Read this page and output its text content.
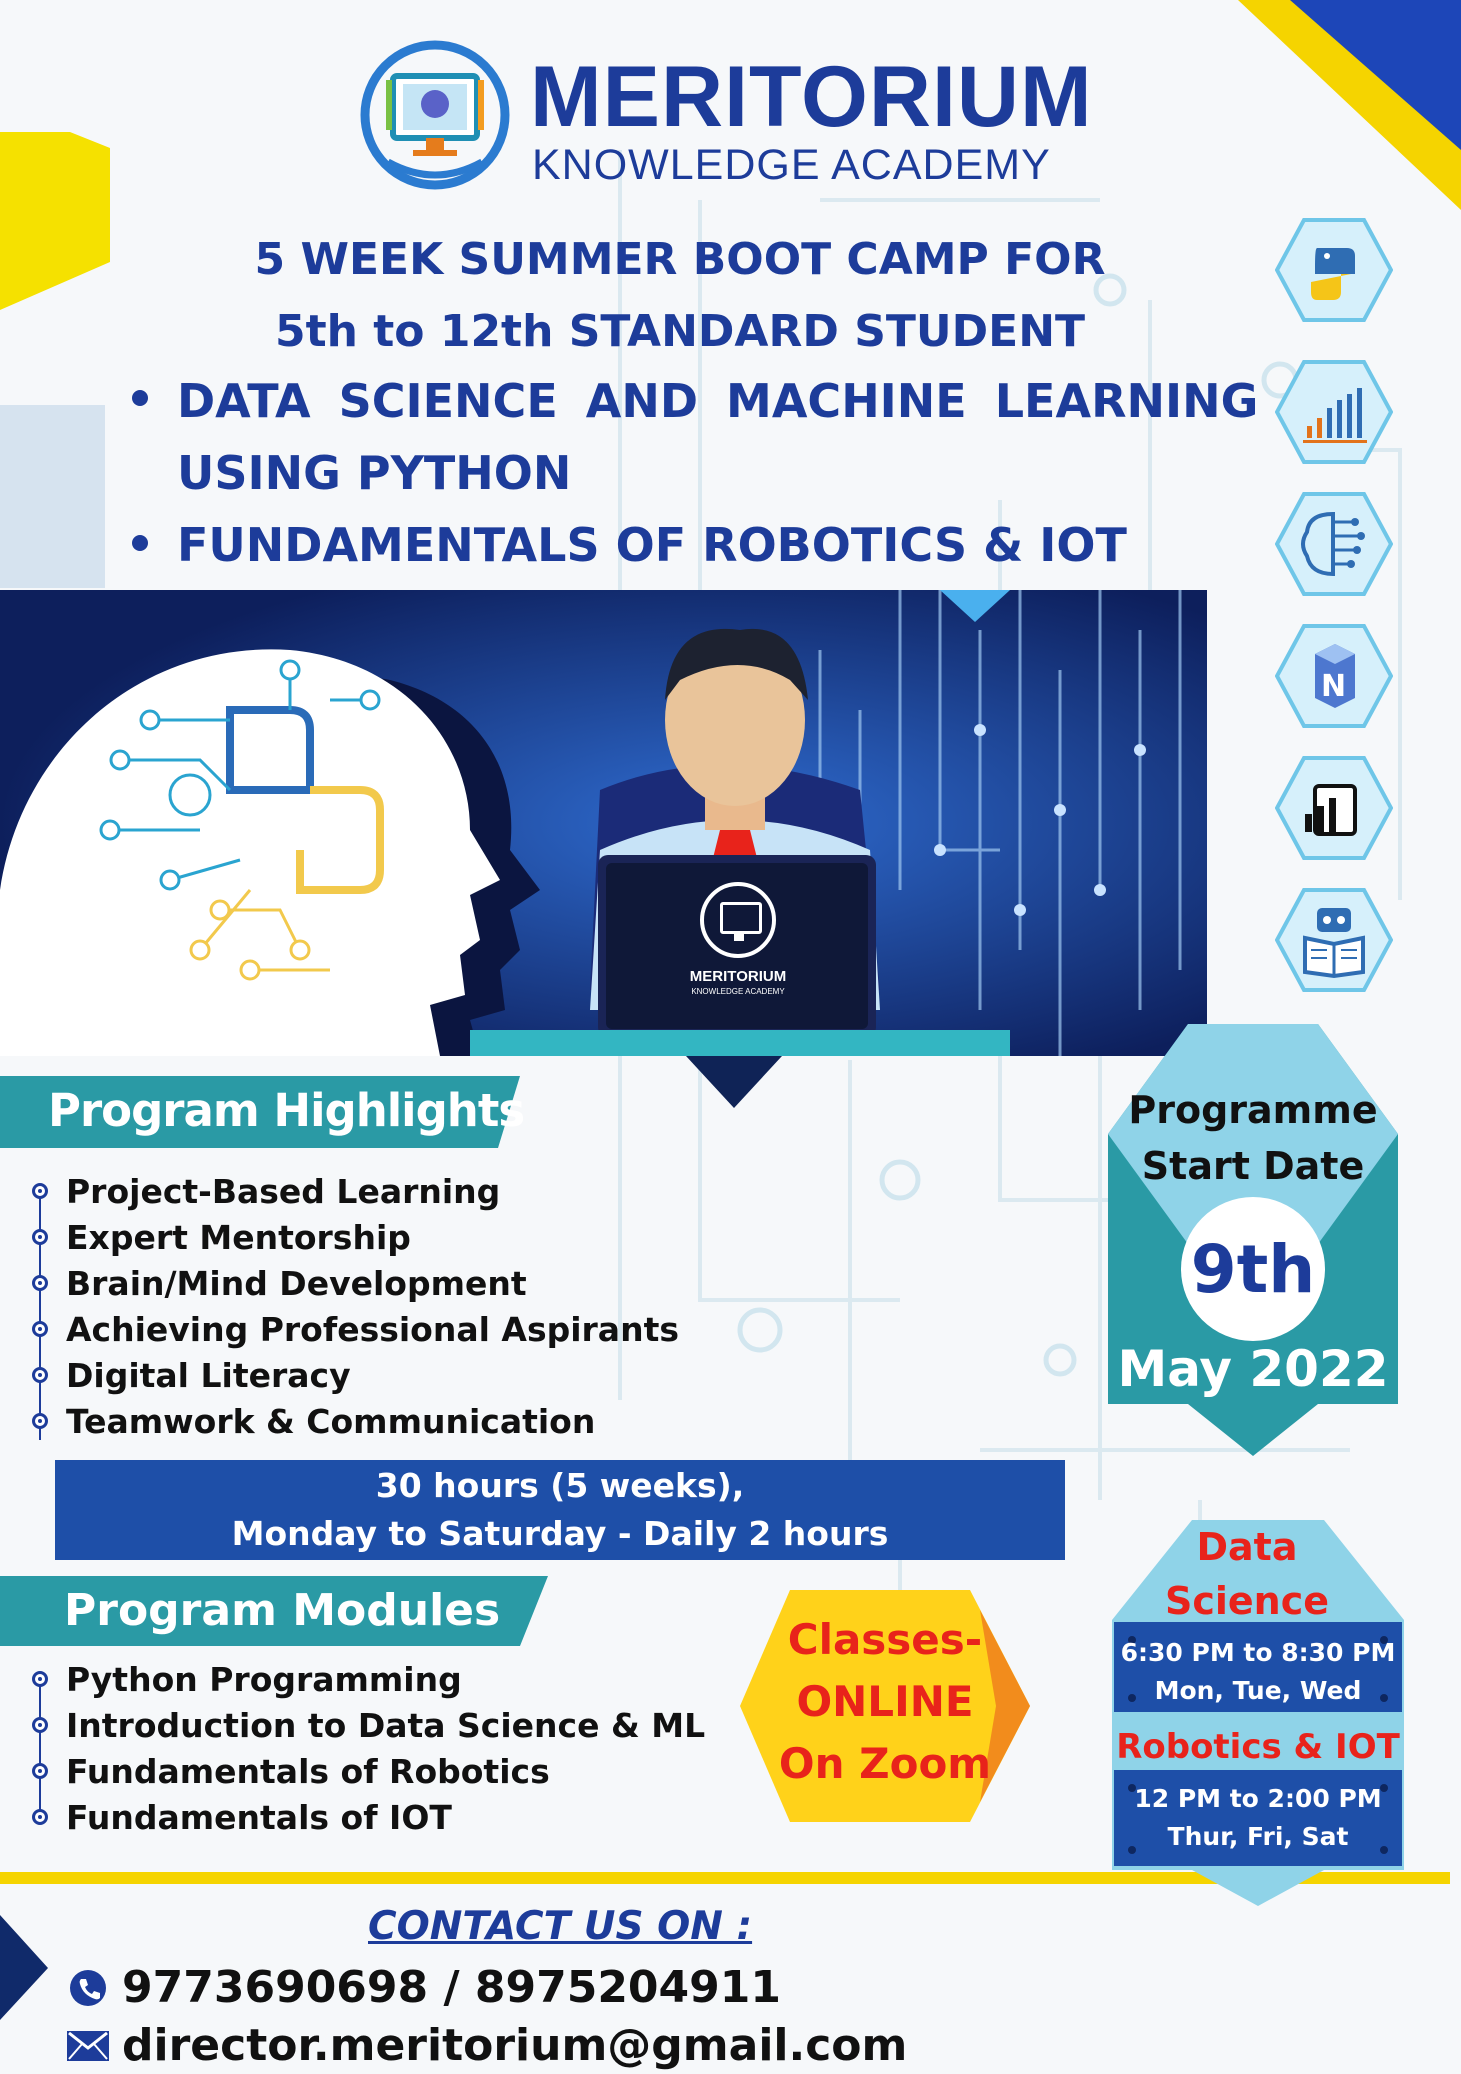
MERITORIUM
KNOWLEDGE ACADEMY
5 WEEK SUMMER BOOT CAMP FOR
5th to 12th STANDARD STUDENT
DATA SCIENCE AND MACHINE LEARNING
USING PYTHON
FUNDAMENTALS OF ROBOTICS & IOT
MERITORIUM
KNOWLEDGE ACADEMY
N
Program Highlights
Project-Based Learning
Expert Mentorship
Brain/Mind Development
Achieving Professional Aspirants
Digital Literacy
Teamwork & Communication
30 hours (5 weeks),
Monday to Saturday - Daily 2 hours
Program Modules
Python Programming
Introduction to Data Science & ML
Fundamentals of Robotics
Fundamentals of IOT
Programme
Start Date
9th
May 2022
Classes-
ONLINE
On Zoom
Data
Science
6:30 PM to 8:30 PM
Mon, Tue, Wed
Robotics & IOT
12 PM to 2:00 PM
Thur, Fri, Sat
CONTACT US ON :
9773690698 / 8975204911
director.meritorium@gmail.com
